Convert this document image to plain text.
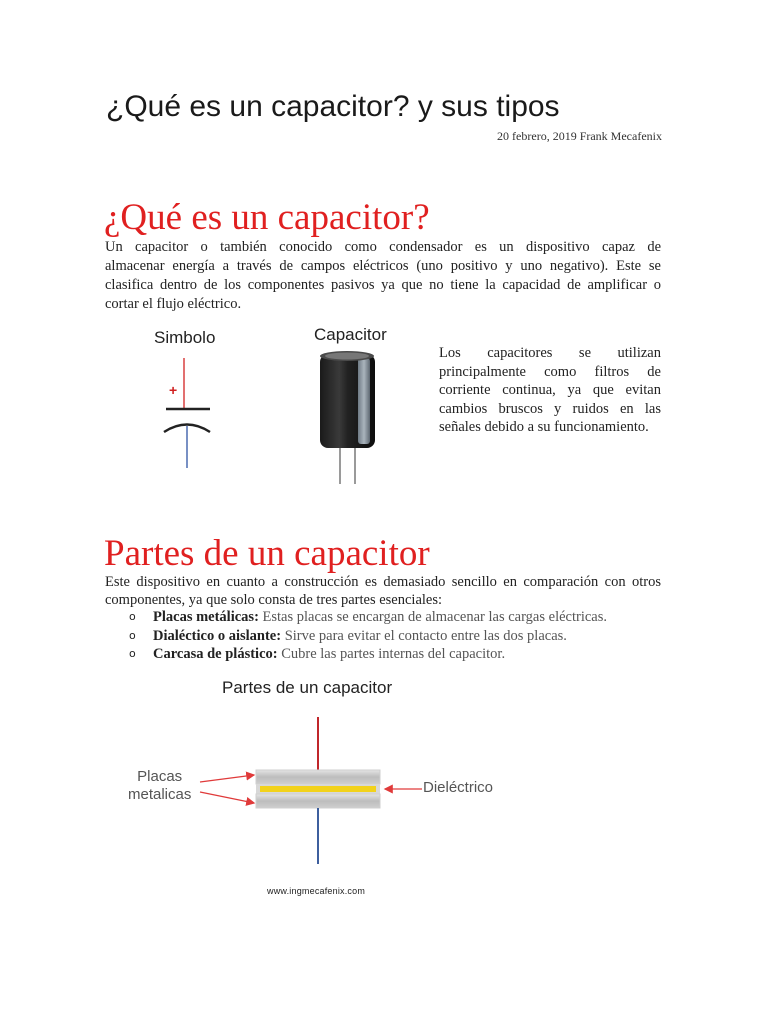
¿Qué es un capacitor? y sus tipos
20 febrero, 2019 Frank Mecafenix
¿Qué es un capacitor?
Un capacitor o también conocido como condensador es un dispositivo capaz de
almacenar energía a través de campos eléctricos (uno positivo y uno negativo). Este se
clasifica dentro de los componentes pasivos ya que no tiene la capacidad de amplificar o
cortar el flujo eléctrico.
Simbolo	Capacitor
+
Los capacitores se utilizan
principalmente como filtros de
corriente continua, ya que evitan
cambios bruscos y ruidos en las
señales debido a su funcionamiento.
Partes de un capacitor
Este dispositivo en cuanto a construcción es demasiado sencillo en comparación con otros
componentes, ya que solo consta de tres partes esenciales:
o Placas metálicas: Estas placas se encargan de almacenar las cargas eléctricas.
o Dialéctico o aislante: Sirve para evitar el contacto entre las dos placas.
o Carcasa de plástico: Cubre las partes internas del capacitor.
Partes de un capacitor
Placas
metalicas	Dieléctrico
www.ingmecafenix.com
